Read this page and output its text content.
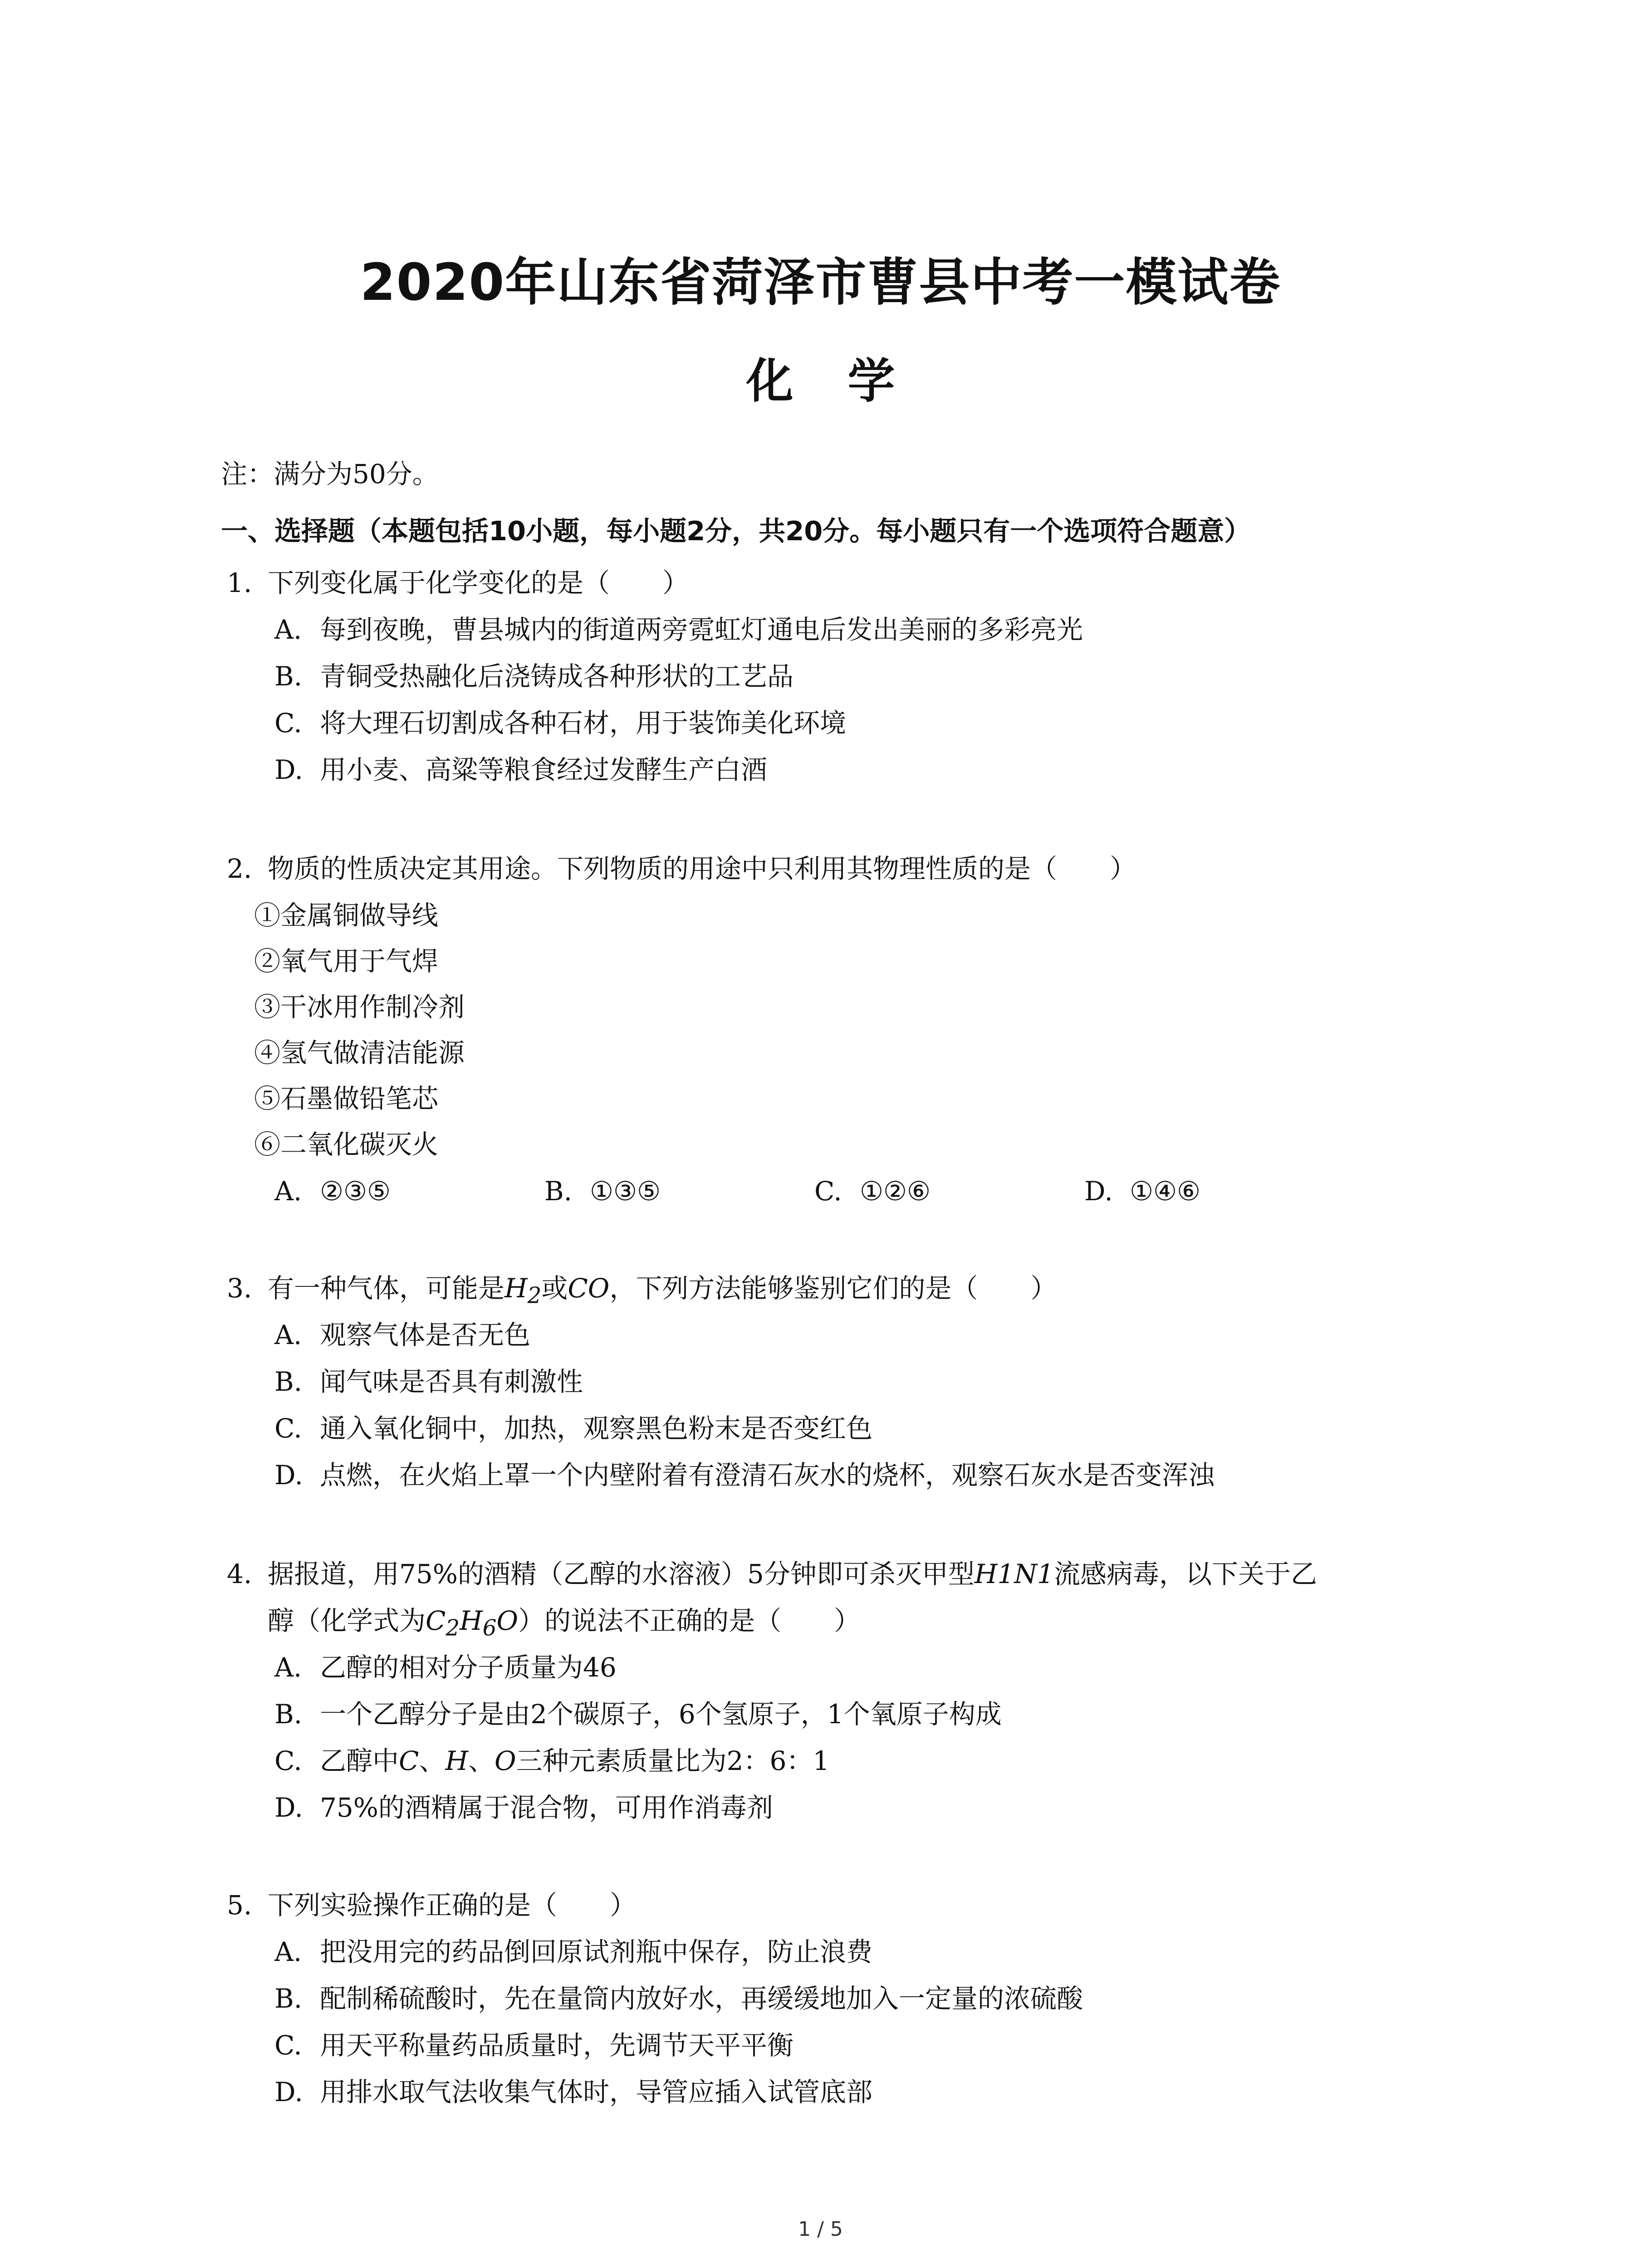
2020年山东省菏泽市曹县中考一模试卷
化学
注：满分为50分。
一、选择题（本题包括10小题，每小题2分，共20分。每小题只有一个选项符合题意）
1. 下列变化属于化学变化的是（　　）
A. 每到夜晚，曹县城内的街道两旁霓虹灯通电后发出美丽的多彩亮光
B. 青铜受热融化后浇铸成各种形状的工艺品
C. 将大理石切割成各种石材，用于装饰美化环境
D. 用小麦、高粱等粮食经过发酵生产白酒
2. 物质的性质决定其用途。下列物质的用途中只利用其物理性质的是（　　）
①金属铜做导线
②氧气用于气焊
③干冰用作制冷剂
④氢气做清洁能源
⑤石墨做铅笔芯
⑥二氧化碳灭火
A. ②③⑤	B. ①③⑤	C. ①②⑥	D. ①④⑥
3. 有一种气体，可能是$H_2$或CO，下列方法能够鉴别它们的是（　　）
A. 观察气体是否无色
B. 闻气味是否具有刺激性
C. 通入氧化铜中，加热，观察黑色粉末是否变红色
D. 点燃，在火焰上罩一个内壁附着有澄清石灰水的烧杯，观察石灰水是否变浑浊
4. 据报道，用75%的酒精（乙醇的水溶液）5分钟即可杀灭甲型H1N1流感病毒，以下关于乙
醇（化学式为$C_2H_6O$）的说法不正确的是（　　）
A. 乙醇的相对分子质量为46
B. 一个乙醇分子是由2个碳原子，6个氢原子，1个氧原子构成
C. 乙醇中C、H、O三种元素质量比为2：6：1
D. 75%的酒精属于混合物，可用作消毒剂
5. 下列实验操作正确的是（　　）
A. 把没用完的药品倒回原试剂瓶中保存，防止浪费
B. 配制稀硫酸时，先在量筒内放好水，再缓缓地加入一定量的浓硫酸
C. 用天平称量药品质量时，先调节天平平衡
D. 用排水取气法收集气体时，导管应插入试管底部
1 / 5
